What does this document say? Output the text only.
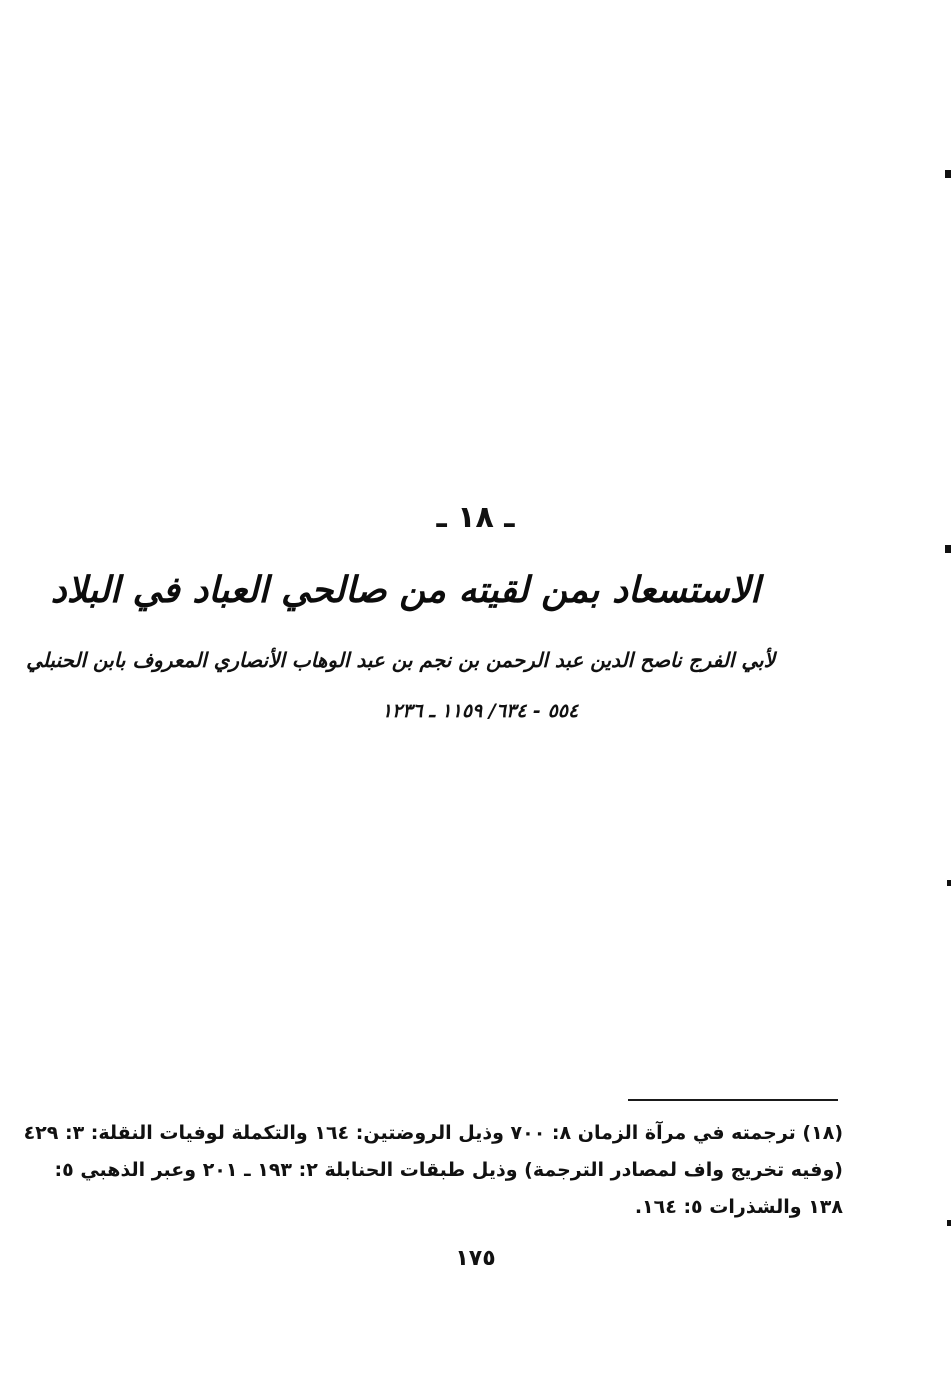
ـ ١٨ ـ
الاستسعاد بمن لقيته من صالحي العباد في البلاد
لأبي الفرج ناصح الدين عبد الرحمن بن نجم بن عبد الوهاب الأنصاري المعروف بابن الحنبلي
٥٥٤ - ٦٣٤/ ١١٥٩ ـ ١٢٣٦
(١٨) ترجمته في مرآة الزمان ٨: ٧٠٠ وذيل الروضتين: ١٦٤ والتكملة لوفيات النقلة: ٣: ٤٢٩
(وفيه تخريج واف لمصادر الترجمة) وذيل طبقات الحنابلة ٢: ١٩٣ ـ ٢٠١ وعبر الذهبي ٥:
١٣٨ والشذرات ٥: ١٦٤.
١٧٥
